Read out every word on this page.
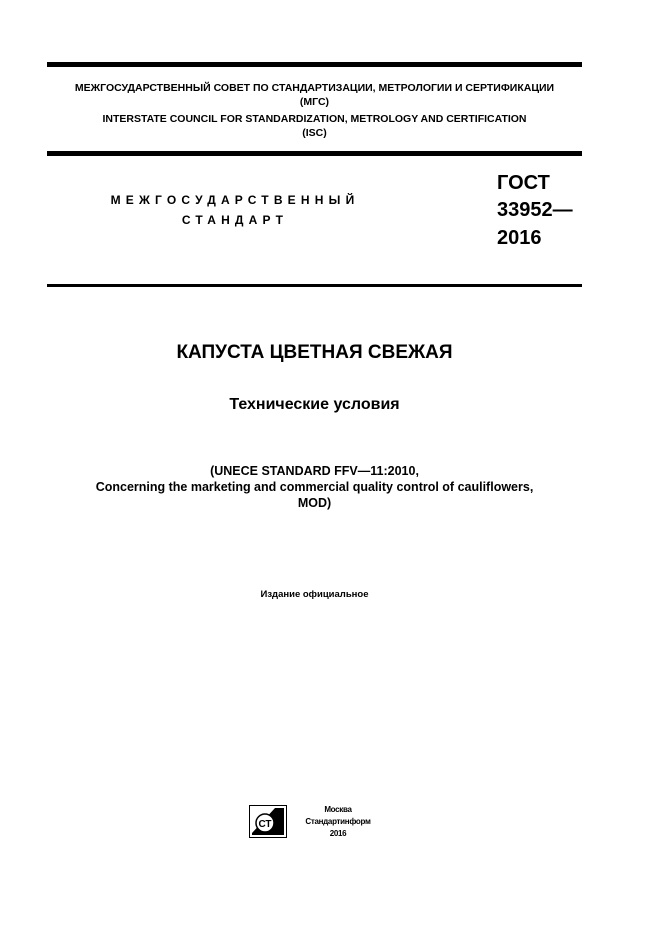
МЕЖГОСУДАРСТВЕННЫЙ СОВЕТ ПО СТАНДАРТИЗАЦИИ, МЕТРОЛОГИИ И СЕРТИФИКАЦИИ
(МГС)
INTERSTATE COUNCIL FOR STANDARDIZATION, METROLOGY AND CERTIFICATION
(ISC)
МЕЖГОСУДАРСТВЕННЫЙ
СТАНДАРТ
ГОСТ
33952—
2016
КАПУСТА ЦВЕТНАЯ СВЕЖАЯ
Технические условия
(UNECE STANDARD FFV—11:2010,
Concerning the marketing and commercial quality control of cauliflowers,
MOD)
Издание официальное
СТ
Москва
Стандартинформ
2016
